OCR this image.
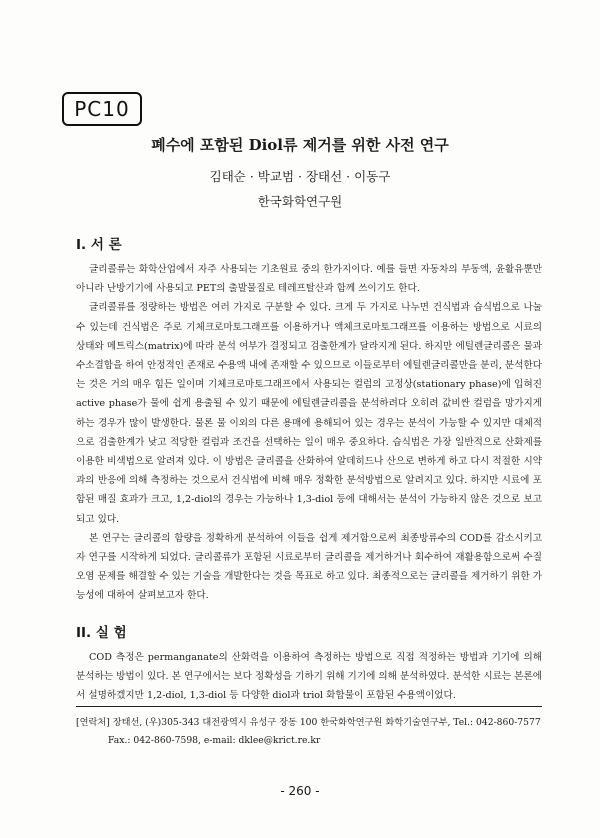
PC10
폐수에 포함된 Diol류 제거를 위한 사전 연구
김태순 · 박교범 · 장태선 · 이동구
한국화학연구원
I. 서 론

글리콜류는 화학산업에서 자주 사용되는 기초원료 중의 한가지이다. 예를 들면 자동차의 부동액, 윤활유뿐만 아니라 난방기기에 사용되고 PET의 출발물질로 테레프탈산과 함께 쓰이기도 한다.

글리콜류를 정량하는 방법은 여러 가지로 구분할 수 있다. 크게 두 가지로 나누면 건식법과 습식법으로 나눌 수 있는데 건식법은 주로 기체크로마토그래프를 이용하거나 액체크로마토그래프를 이용하는 방법으로 시료의 상태와 메트릭스(matrix)에 따라 분석 여부가 결정되고 검출한계가 달라지게 된다. 하지만 에틸렌글리콜은 물과 수소결합을 하여 안정적인 존재로 수용액 내에 존재할 수 있으므로 이들로부터 에틸렌글리콜만을 분리, 분석한다는 것은 거의 매우 힘든 일이며 기체크로마토그래프에서 사용되는 컬럼의 고정상(stationary phase)에 입혀진 active phase가 물에 쉽게 용출될 수 있기 때문에 에틸렌글리콜을 분석하려다 오히려 값비싼 컬럼을 망가지게 하는 경우가 많이 발생한다. 물론 물 이외의 다른 용매에 용해되어 있는 경우는 분석이 가능할 수 있지만 대체적으로 검출한계가 낮고 적당한 컬럼과 조건을 선택하는 일이 매우 중요하다. 습식법은 가장 일반적으로 산화제를 이용한 비색법으로 알려져 있다. 이 방법은 글리콜을 산화하여 알데히드나 산으로 변하게 하고 다시 적절한 시약과의 반응에 의해 측정하는 것으로서 건식법에 비해 매우 정확한 분석방법으로 알려지고 있다. 하지만 시료에 포함된 매질 효과가 크고, 1,2-diol의 경우는 가능하나 1,3-diol 등에 대해서는 분석이 가능하지 않은 것으로 보고되고 있다.

본 연구는 글리콜의 함량을 정확하게 분석하여 이들을 쉽게 제거함으로써 최종방류수의 COD를 감소시키고자 연구를 시작하게 되었다. 글리콜류가 포함된 시료로부터 글리콜을 제거하거나 회수하여 재활용함으로써 수질오염 문제를 해결할 수 있는 기술을 개발한다는 것을 목표로 하고 있다. 최종적으로는 글리콜을 제거하기 위한 가능성에 대하여 살펴보고자 한다.

II. 실 험

COD 측정은 permanganate의 산화력을 이용하여 측정하는 방법으로 직접 적정하는 방법과 기기에 의해 분석하는 방법이 있다. 본 연구에서는 보다 정확성을 기하기 위해 기기에 의해 분석하였다. 분석한 시료는 본론에서 설명하겠지만 1,2-diol, 1,3-diol 등 다양한 diol과 triol 화합물이 포함된 수용액이었다.

[연락처] 장태선, (우)305-343 대전광역시 유성구 장동 100 한국화학연구원 화학기술연구부, Tel.: 042-860-7577
Fax.: 042-860-7598, e-mail: dklee@krict.re.kr
- 260 -
